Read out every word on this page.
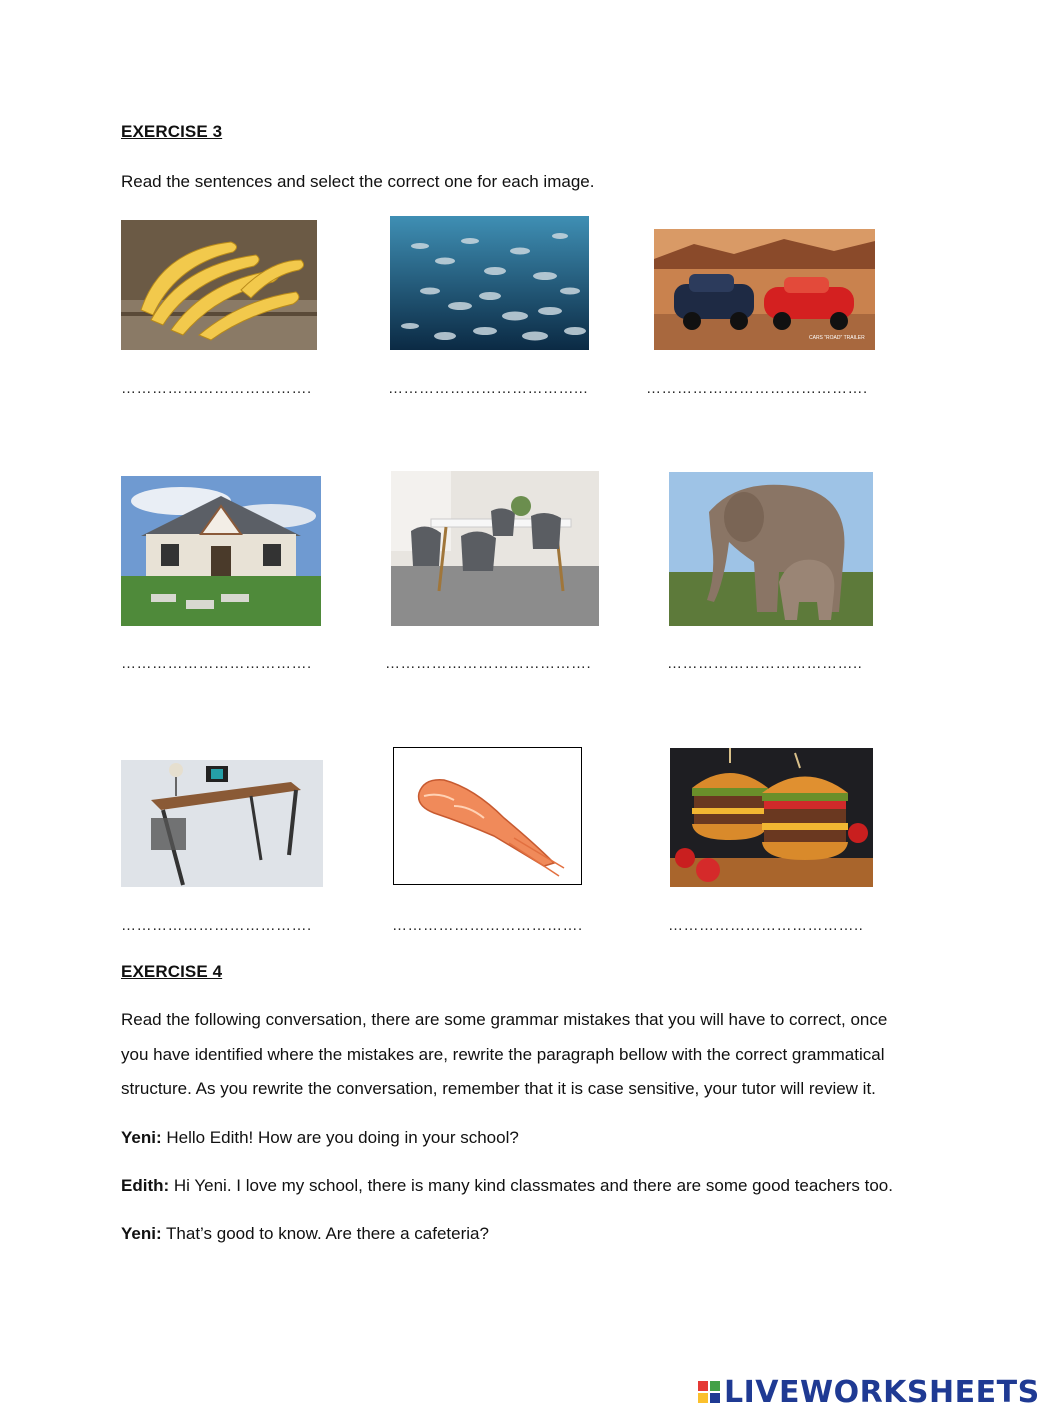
EXERCISE 3
Read the sentences and select the correct one for each image.
CARS "ROAD" TRAILER
……………………………….	………………………………...	…………………………………….
……………………………….	………………………………….	………………………………..
……………………………….	……………………………….	………………………………..
EXERCISE 4
Read the following conversation, there are some grammar mistakes that you will have to correct, once
you have identified where the mistakes are, rewrite the paragraph bellow with the correct grammatical
structure. As you rewrite the conversation, remember that it is case sensitive, your tutor will review it.
Yeni: Hello Edith! How are you doing in your school?
Edith: Hi Yeni. I love my school, there is many kind classmates and there are some good teachers too.
Yeni: That’s good to know. Are there a cafeteria?
LIVEWORKSHEETS
